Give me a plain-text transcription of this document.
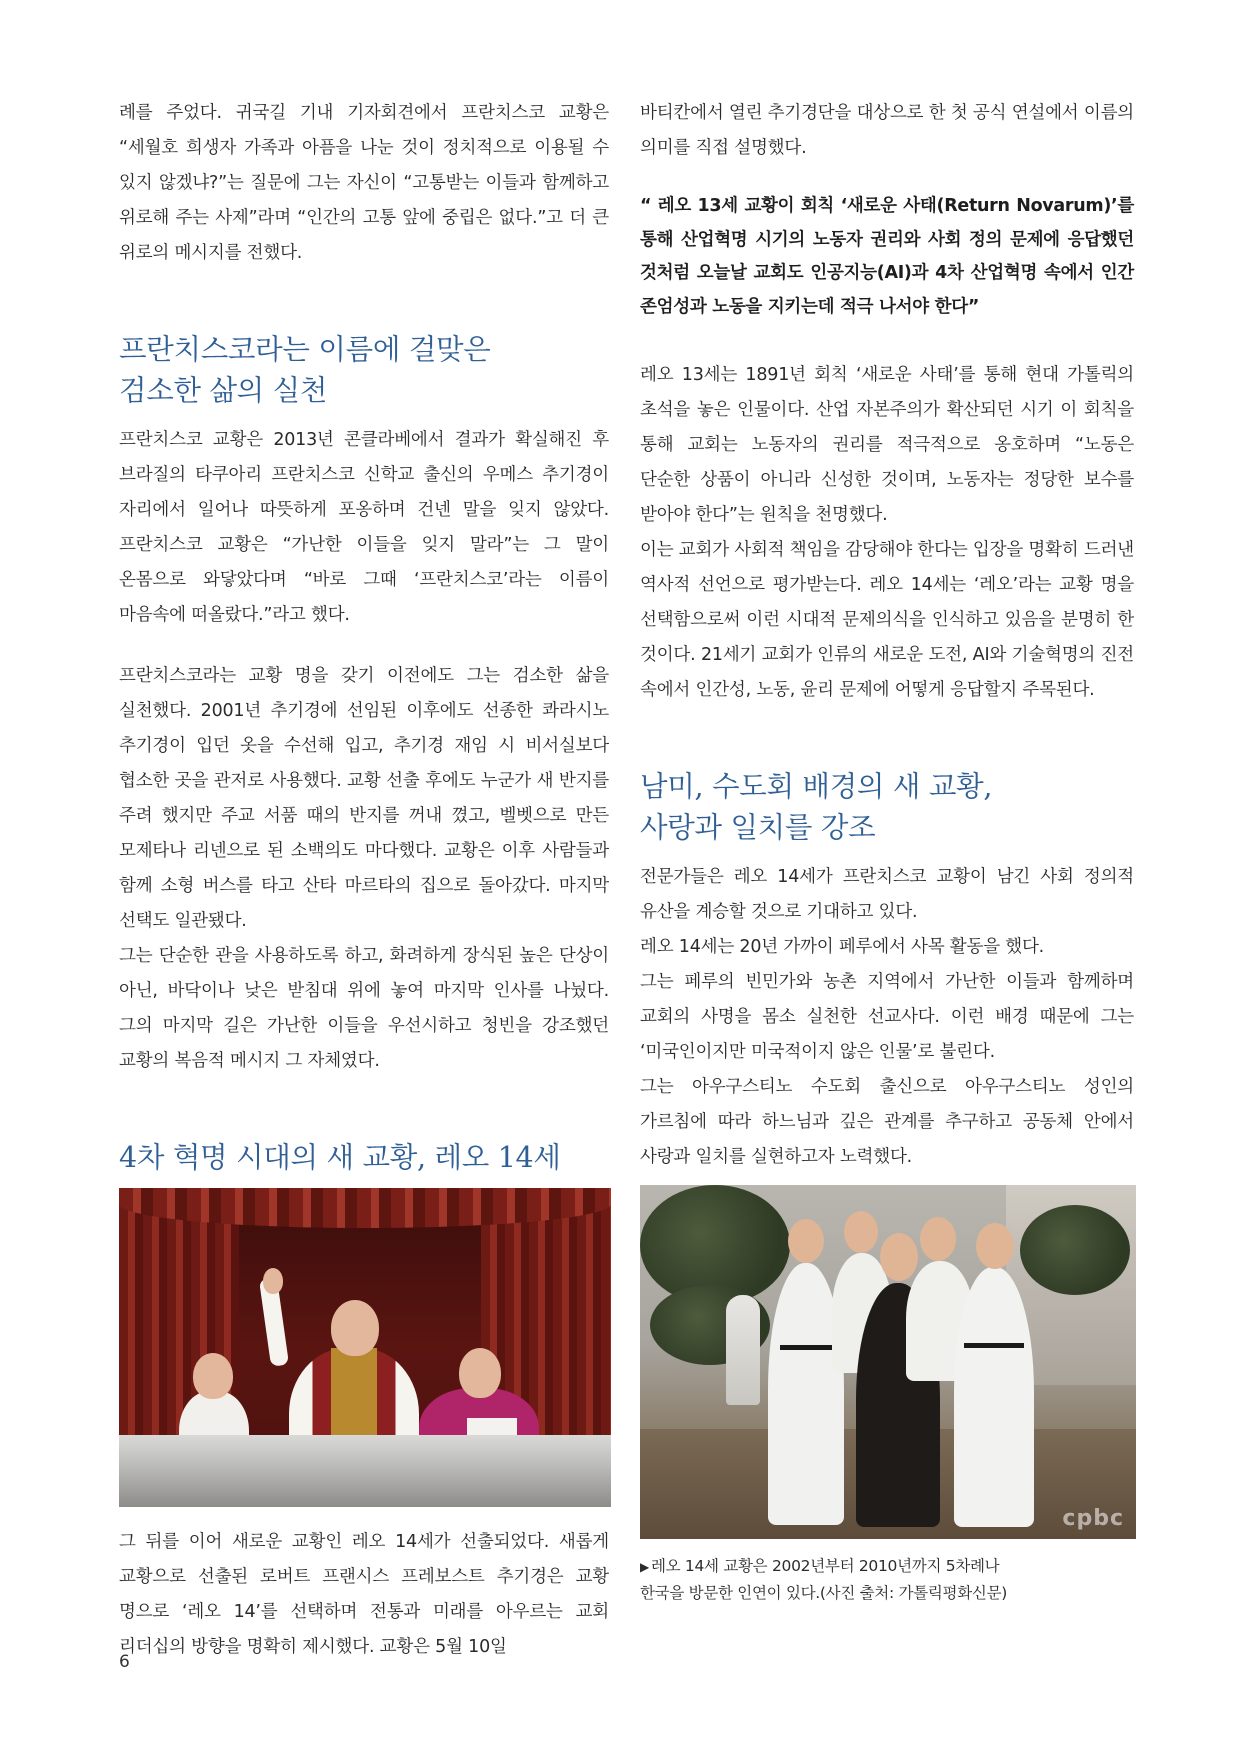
례를 주었다. 귀국길 기내 기자회견에서 프란치스코 교황은 “세월호 희생자 가족과 아픔을 나눈 것이 정치적으로 이용될 수 있지 않겠냐?”는 질문에 그는 자신이 “고통받는 이들과 함께하고 위로해 주는 사제”라며 “인간의 고통 앞에 중립은 없다.”고 더 큰 위로의 메시지를 전했다.

프란치스코라는 이름에 걸맞은
검소한 삶의 실천

프란치스코 교황은 2013년 콘클라베에서 결과가 확실해진 후 브라질의 타쿠아리 프란치스코 신학교 출신의 우메스 추기경이 자리에서 일어나 따뜻하게 포옹하며 건넨 말을 잊지 않았다. 프란치스코 교황은 “가난한 이들을 잊지 말라”는 그 말이 온몸으로 와닿았다며 “바로 그때 ‘프란치스코’라는 이름이 마음속에 떠올랐다.”라고 했다.

프란치스코라는 교황 명을 갖기 이전에도 그는 검소한 삶을 실천했다. 2001년 추기경에 선임된 이후에도 선종한 콰라시노 추기경이 입던 옷을 수선해 입고, 추기경 재임 시 비서실보다 협소한 곳을 관저로 사용했다. 교황 선출 후에도 누군가 새 반지를 주려 했지만 주교 서품 때의 반지를 꺼내 꼈고, 벨벳으로 만든 모제타나 리넨으로 된 소백의도 마다했다. 교황은 이후 사람들과 함께 소형 버스를 타고 산타 마르타의 집으로 돌아갔다. 마지막 선택도 일관됐다.

그는 단순한 관을 사용하도록 하고, 화려하게 장식된 높은 단상이 아닌, 바닥이나 낮은 받침대 위에 놓여 마지막 인사를 나눴다. 그의 마지막 길은 가난한 이들을 우선시하고 청빈을 강조했던 교황의 복음적 메시지 그 자체였다.

4차 혁명 시대의 새 교황, 레오 14세

그 뒤를 이어 새로운 교황인 레오 14세가 선출되었다. 새롭게 교황으로 선출된 로버트 프랜시스 프레보스트 추기경은 교황 명으로 ‘레오 14’를 선택하며 전통과 미래를 아우르는 교회 리더십의 방향을 명확히 제시했다. 교황은 5월 10일

바티칸에서 열린 추기경단을 대상으로 한 첫 공식 연설에서 이름의 의미를 직접 설명했다.

“ 레오 13세 교황이 회칙 ‘새로운 사태(Return Novarum)’를 통해 산업혁명 시기의 노동자 권리와 사회 정의 문제에 응답했던 것처럼 오늘날 교회도 인공지능(AI)과 4차 산업혁명 속에서 인간 존엄성과 노동을 지키는데 적극 나서야 한다”

레오 13세는 1891년 회칙 ‘새로운 사태’를 통해 현대 가톨릭의 초석을 놓은 인물이다. 산업 자본주의가 확산되던 시기 이 회칙을 통해 교회는 노동자의 권리를 적극적으로 옹호하며 “노동은 단순한 상품이 아니라 신성한 것이며, 노동자는 정당한 보수를 받아야 한다”는 원칙을 천명했다.

이는 교회가 사회적 책임을 감당해야 한다는 입장을 명확히 드러낸 역사적 선언으로 평가받는다. 레오 14세는 ‘레오’라는 교황 명을 선택함으로써 이런 시대적 문제의식을 인식하고 있음을 분명히 한 것이다. 21세기 교회가 인류의 새로운 도전, AI와 기술혁명의 진전 속에서 인간성, 노동, 윤리 문제에 어떻게 응답할지 주목된다.

남미, 수도회 배경의 새 교황,
사랑과 일치를 강조

전문가들은 레오 14세가 프란치스코 교황이 남긴 사회 정의적 유산을 계승할 것으로 기대하고 있다.

레오 14세는 20년 가까이 페루에서 사목 활동을 했다.

그는 페루의 빈민가와 농촌 지역에서 가난한 이들과 함께하며 교회의 사명을 몸소 실천한 선교사다. 이런 배경 때문에 그는 ‘미국인이지만 미국적이지 않은 인물’로 불린다.

그는 아우구스티노 수도회 출신으로 아우구스티노 성인의 가르침에 따라 하느님과 깊은 관계를 추구하고 공동체 안에서 사랑과 일치를 실현하고자 노력했다.

cpbc

▶ 레오 14세 교황은 2002년부터 2010년까지 5차례나
한국을 방문한 인연이 있다.(사진 출처: 가톨릭평화신문)

6
